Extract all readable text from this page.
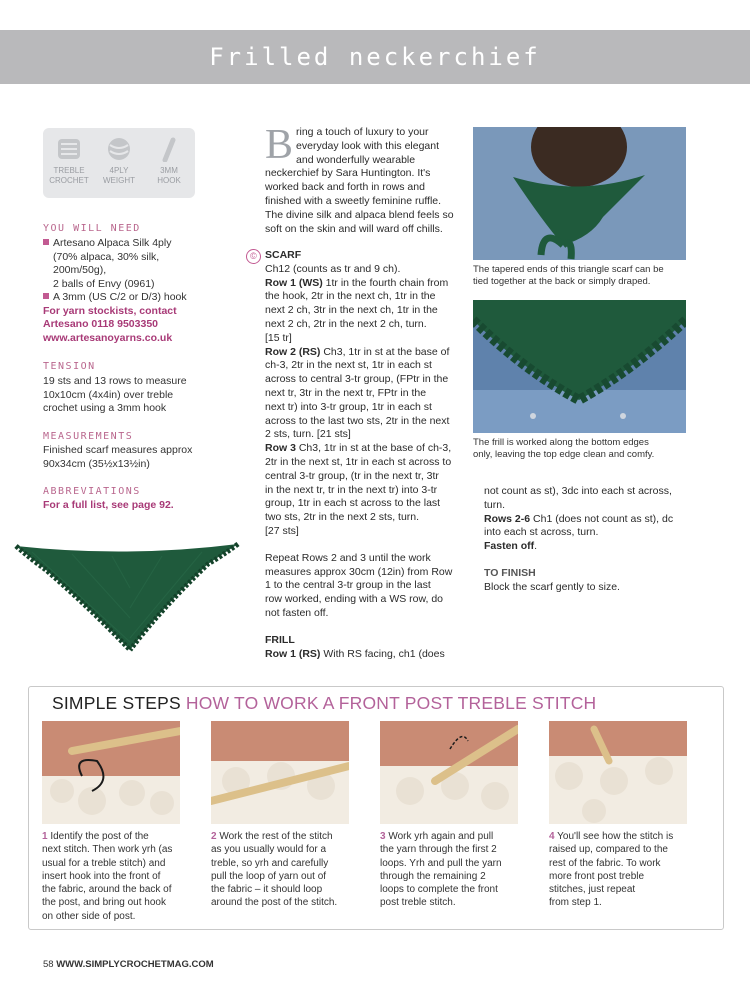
Frilled neckerchief
TREBLE
CROCHET
4PLY
WEIGHT
3MM
HOOK
YOU WILL NEED
Artesano Alpaca Silk 4ply
(70% alpaca, 30% silk,
200m/50g),
2 balls of Envy (0961)
A 3mm (US C/2 or D/3) hook
For yarn stockists, contact
Artesano 0118 9503350
www.artesanoyarns.co.uk
TENSION
19 sts and 13 rows to measure
10x10cm (4x4in) over treble
crochet using a 3mm hook
MEASUREMENTS
Finished scarf measures approx
90x34cm (35½x13½in)
ABBREVIATIONS
For a full list, see page 92.
B ring a touch of luxury to your

everyday look with this elegant

and wonderfully wearable

neckerchief by Sara Huntington. It's

worked back and forth in rows and

finished with a sweetly feminine ruffle.

The divine silk and alpaca blend feels so

soft on the skin and will ward off chills.

© SCARF

Ch12 (counts as tr and 9 ch).

Row 1 (WS) 1tr in the fourth chain from

the hook, 2tr in the next ch, 1tr in the

next 2 ch, 3tr in the next ch, 1tr in the

next 2 ch, 2tr in the next 2 ch, turn.

[15 tr]

Row 2 (RS) Ch3, 1tr in st at the base of

ch-3, 2tr in the next st, 1tr in each st

across to central 3-tr group, (FPtr in the

next tr, 3tr in the next tr, FPtr in the

next tr) into 3-tr group, 1tr in each st

across to the last two sts, 2tr in the next

2 sts, turn. [21 sts]

Row 3 Ch3, 1tr in st at the base of ch-3,

2tr in the next st, 1tr in each st across to

central 3-tr group, (tr in the next tr, 3tr

in the next tr, tr in the next tr) into 3-tr

group, 1tr in each st across to the last

two sts, 2tr in the next 2 sts, turn.

[27 sts]

Repeat Rows 2 and 3 until the work

measures approx 30cm (12in) from Row

1 to the central 3-tr group in the last

row worked, ending with a WS row, do

not fasten off.

FRILL

Row 1 (RS) With RS facing, ch1 (does

The tapered ends of this triangle scarf can be
tied together at the back or simply draped.
The frill is worked along the bottom edges
only, leaving the top edge clean and comfy.

not count as st), 3dc into each st across,

turn.

Rows 2-6 Ch1 (does not count as st), dc

into each st across, turn.

Fasten off.

TO FINISH

Block the scarf gently to size.

SIMPLE STEPS HOW TO WORK A FRONT POST TREBLE STITCH
1 Identify the post of the
next stitch. Then work yrh (as
usual for a treble stitch) and
insert hook into the front of
the fabric, around the back of
the post, and bring out hook
on other side of post.
2 Work the rest of the stitch
as you usually would for a
treble, so yrh and carefully
pull the loop of yarn out of
the fabric – it should loop
around the post of the stitch.
3 Work yrh again and pull
the yarn through the first 2
loops. Yrh and pull the yarn
through the remaining 2
loops to complete the front
post treble stitch.
4 You'll see how the stitch is
raised up, compared to the
rest of the fabric. To work
more front post treble
stitches, just repeat
from step 1.
58 WWW.SIMPLYCROCHETMAG.COM
